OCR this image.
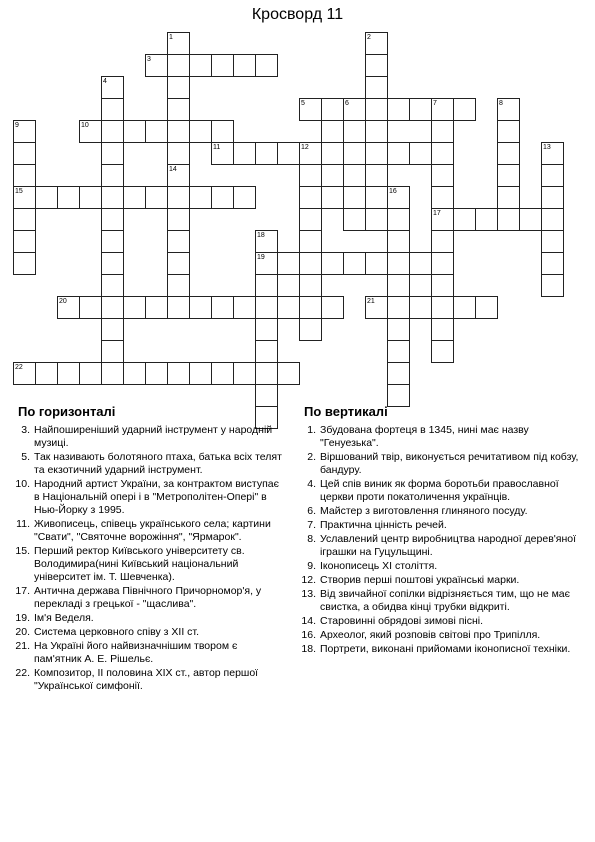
Кросворд 11
1	2
3
4
5	6	7	8
9	10
11	12	13
14
15	16
17
18
19
20	21
22
По горизонталі
3. Найпоширеніший ударний інструмент у народній музиці.
5. Так називають болотяного птаха, батька всіх телят та екзотичний ударний інструмент.
10. Народний артист України, за контрактом виступає в Національній опері і в "Метрополітен-Опері" в Нью-Йорку з 1995.
11. Живописець, співець українського села; картини "Свати", "Святочне ворожіння", "Ярмарок".
15. Перший ректор Київського університету св. Володимира(нині Київський національний університет ім. Т. Шевченка).
17. Антична держава Північного Причорномор'я, у перекладі з грецької - "щаслива".
19. Ім'я Веделя.
20. Система церковного співу з XII ст.
21. На Україні його найвизначнішим твором є пам'ятник А. Е. Рішельє.
22. Композитор, II половина XIX ст., автор першої "Української симфонії.
По вертикалі
1. Збудована фортеця в 1345, нині має назву "Генуезька".
2. Віршований твір, виконується речитативом під кобзу, бандуру.
4. Цей спів виник як форма боротьби православної церкви проти покатоличення українців.
6. Майстер з виготовлення глиняного посуду.
7. Практична цінність речей.
8. Уславлений центр виробництва народної дерев'яної іграшки на Гуцульщині.
9. Іконописець XI століття.
12. Створив перші поштові українські марки.
13. Від звичайної сопілки відрізняється тим, що не має свистка, а обидва кінці трубки відкриті.
14. Старовинні обрядові зимові пісні.
16. Археолог, який розповів світові про Трипілля.
18. Портрети, виконані прийомами іконописної техніки.
